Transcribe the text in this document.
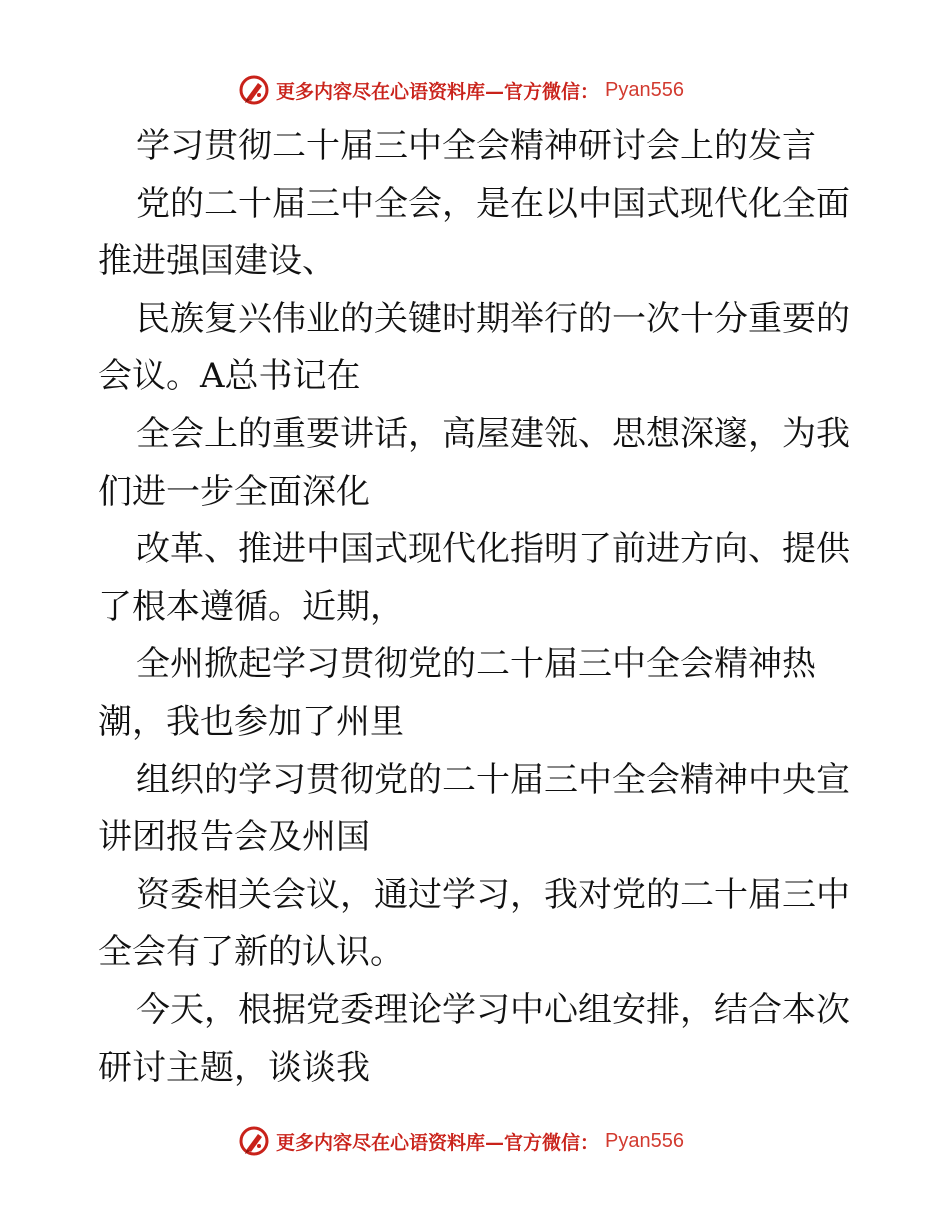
更多内容尽在心语资料库—官方微信： Pyan556
学习贯彻二十届三中全会精神研讨会上的发言
党的二十届三中全会，是在以中国式现代化全面
推进强国建设、
民族复兴伟业的关键时期举行的一次十分重要的
会议。A总书记在
全会上的重要讲话，高屋建瓴、思想深邃，为我
们进一步全面深化
改革、推进中国式现代化指明了前进方向、提供
了根本遵循。近期，
全州掀起学习贯彻党的二十届三中全会精神热
潮，我也参加了州里
组织的学习贯彻党的二十届三中全会精神中央宣
讲团报告会及州国
资委相关会议，通过学习，我对党的二十届三中
全会有了新的认识。
今天，根据党委理论学习中心组安排，结合本次
研讨主题，谈谈我
更多内容尽在心语资料库—官方微信： Pyan556
